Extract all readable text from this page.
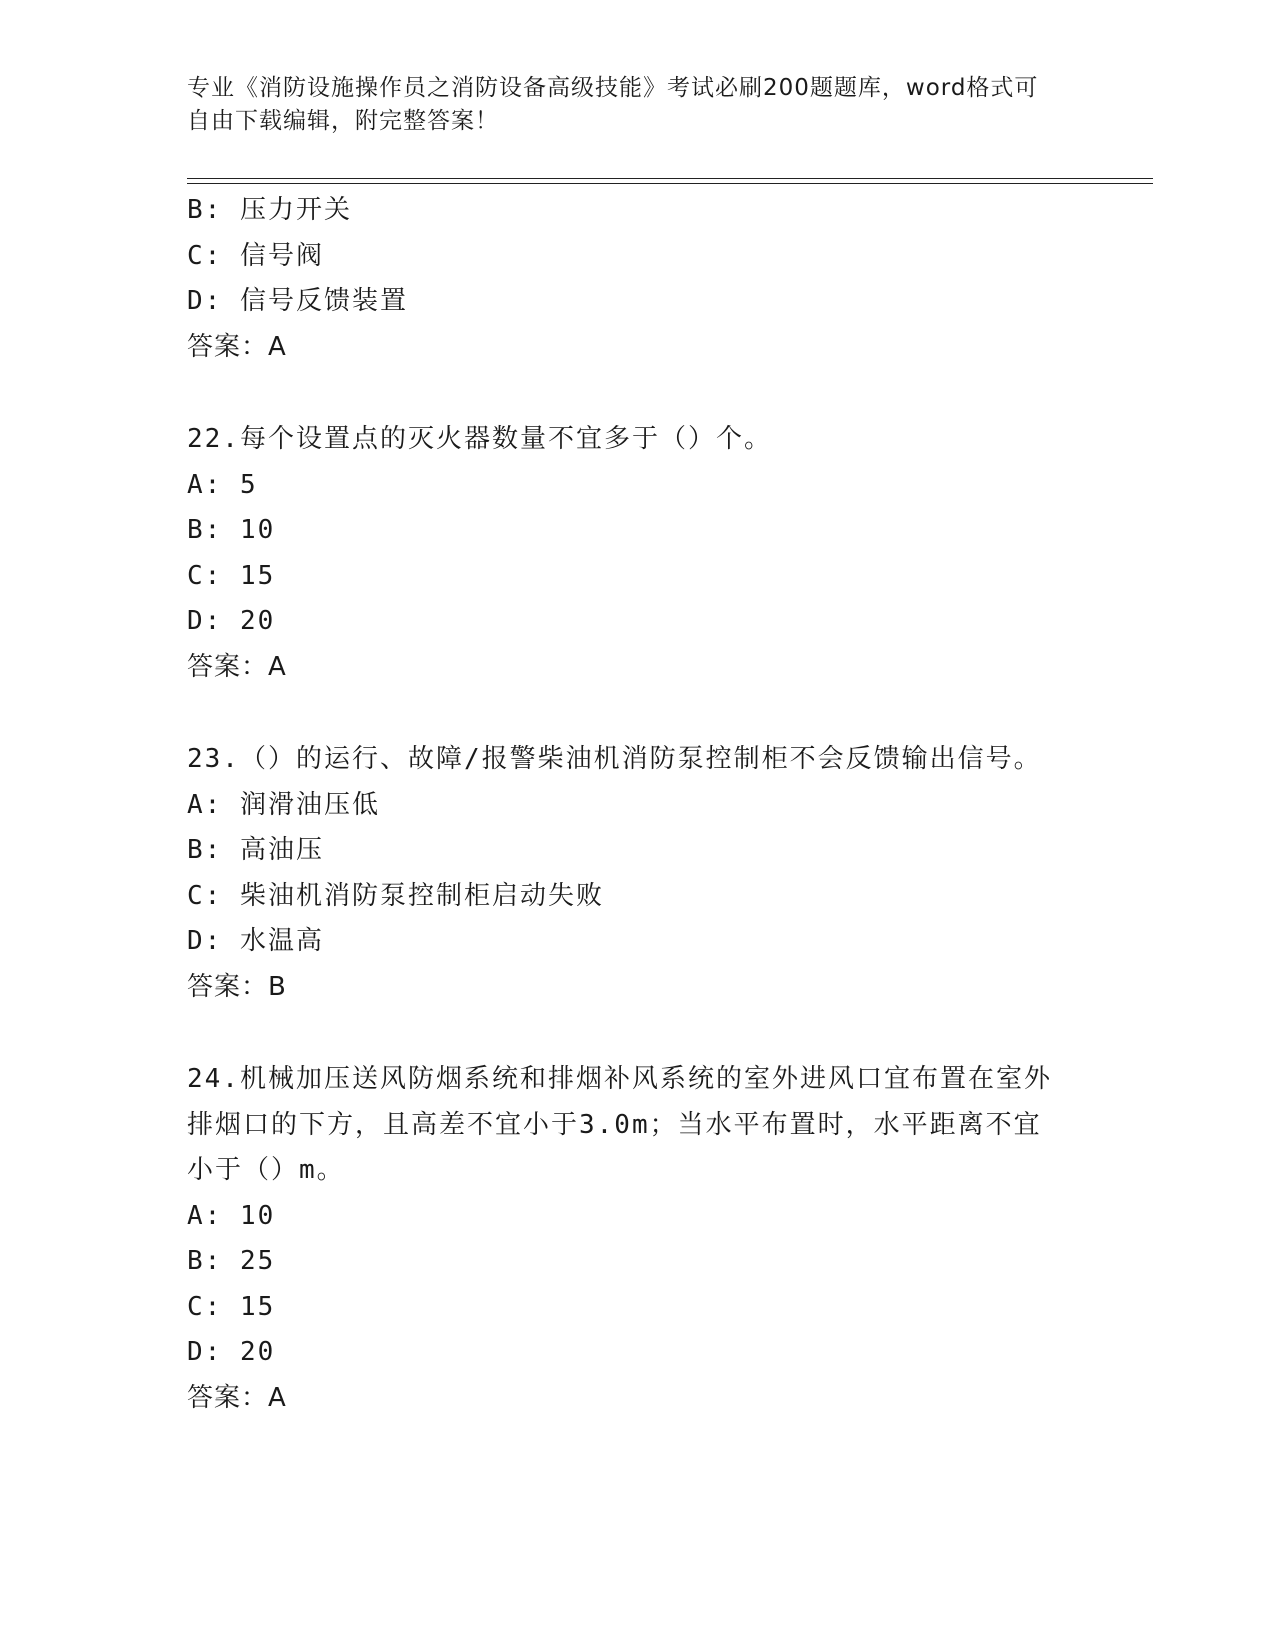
专业《消防设施操作员之消防设备高级技能》考试必刷200题题库，word格式可
自由下载编辑，附完整答案！
B: 压力开关
C: 信号阀
D: 信号反馈装置
答案：A
22.每个设置点的灭火器数量不宜多于（）个。
A: 5
B: 10
C: 15
D: 20
答案：A
23.（）的运行、故障/报警柴油机消防泵控制柜不会反馈输出信号。
A: 润滑油压低
B: 高油压
C: 柴油机消防泵控制柜启动失败
D: 水温高
答案：B
24.机械加压送风防烟系统和排烟补风系统的室外进风口宜布置在室外
排烟口的下方，且高差不宜小于3.0m；当水平布置时，水平距离不宜
小于（）m。
A: 10
B: 25
C: 15
D: 20
答案：A
